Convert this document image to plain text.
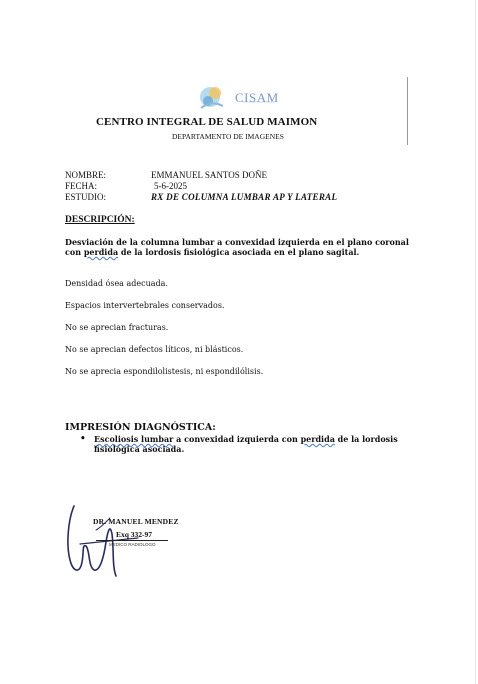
CISAM
CENTRO INTEGRAL DE SALUD MAIMON
DEPARTAMENTO DE IMAGENES
NOMBRE:	EMMANUEL SANTOS DOÑE
FECHA:	5-6-2025
ESTUDIO:	RX DE COLUMNA LUMBAR AP Y LATERAL
DESCRIPCIÓN:
Desviación de la columna lumbar a convexidad izquierda en el plano coronal con perdida de la lordosis fisiológica asociada en el plano sagital.
Densidad ósea adecuada.
Espacios intervertebrales conservados.
No se aprecian fracturas.
No se aprecian defectos líticos, ni blásticos.
No se aprecia espondilolistesis, ni espondilólisis.
IMPRESIÓN DIAGNÓSTICA:
• Escoliosis lumbar a convexidad izquierda con perdida de la lordosis fisiológica asociada.
DR. MANUEL MENDEZ
Exq 332-97
MEDICO RADIOLOGO
